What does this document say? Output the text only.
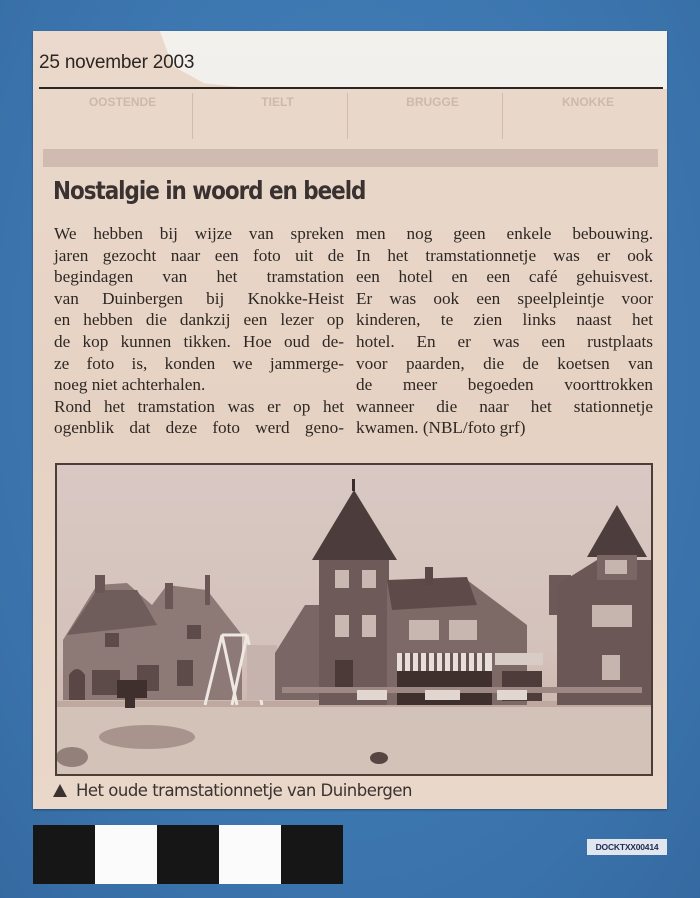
25 november 2003
OOSTENDE	TIELT	BRUGGE	KNOKKE
Nostalgie in woord en beeld

We hebben bij wijze van spreken

jaren gezocht naar een foto uit de

begindagen van het tramstation

van Duinbergen bij Knokke-Heist

en hebben die dankzij een lezer op

de kop kunnen tikken. Hoe oud de-

ze foto is, konden we jammerge-

noeg niet achterhalen.

Rond het tramstation was er op het

ogenblik dat deze foto werd geno-

men nog geen enkele bebouwing.

In het tramstationnetje was er ook

een hotel en een café gehuisvest.

Er was ook een speelpleintje voor

kinderen, te zien links naast het

hotel. En er was een rustplaats

voor paarden, die de koetsen van

de meer begoeden voorttrokken

wanneer die naar het stationnetje

kwamen. (NBL/foto grf)

Het oude tramstationnetje van Duinbergen
DOCKTXX00414
